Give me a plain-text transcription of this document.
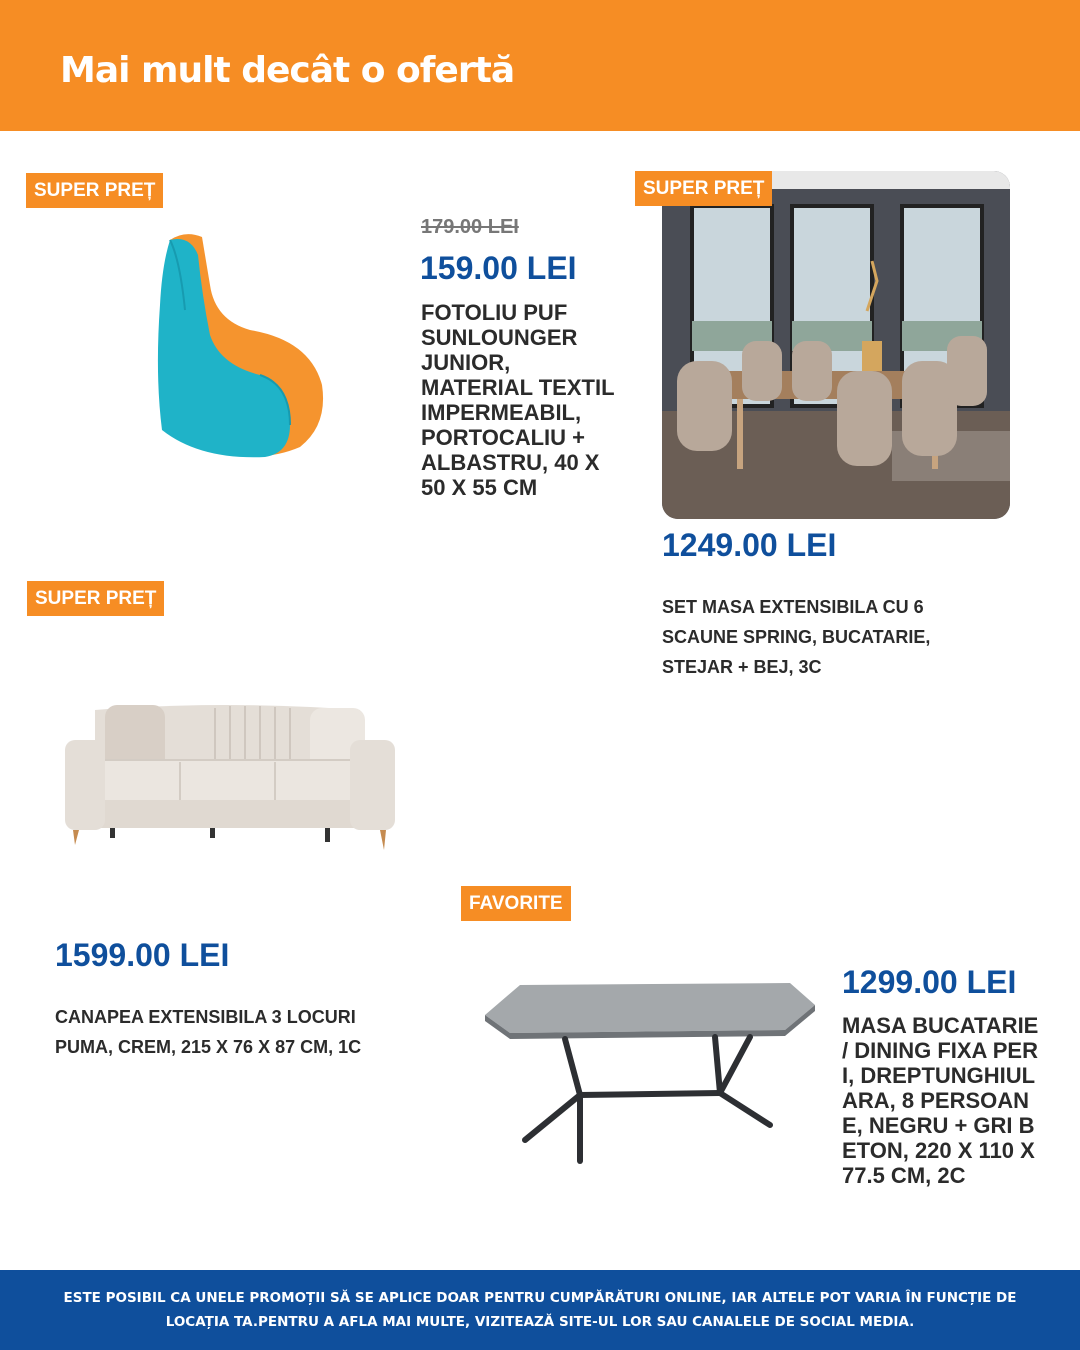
Mai mult decât o ofertă
SUPER PREȚ
179.00 LEI
159.00 LEI
FOTOLIU PUF SUNLOUNGER JUNIOR, MATERIAL TEXTIL IMPERMEABIL, PORTOCALIU + ALBASTRU, 40 X 50 X 55 CM
SUPER PREȚ
1249.00 LEI
SET MASA EXTENSIBILA CU 6 SCAUNE SPRING, BUCATARIE, STEJAR + BEJ, 3C
SUPER PREȚ
1599.00 LEI
CANAPEA EXTENSIBILA 3 LOCURI PUMA, CREM, 215 X 76 X 87 CM, 1C
FAVORITE
1299.00 LEI
MASA BUCATARIE / DINING FIXA PERI, DREPTUNGHIULARA, 8 PERSOANE, NEGRU + GRI BETON, 220 X 110 X 77.5 CM, 2C
ESTE POSIBIL CA UNELE PROMOȚII SĂ SE APLICE DOAR PENTRU CUMPĂRĂTURI ONLINE, IAR ALTELE POT VARIA ÎN FUNCȚIE DE
LOCAȚIA TA.PENTRU A AFLA MAI MULTE, VIZITEAZĂ SITE-UL LOR SAU CANALELE DE SOCIAL MEDIA.
